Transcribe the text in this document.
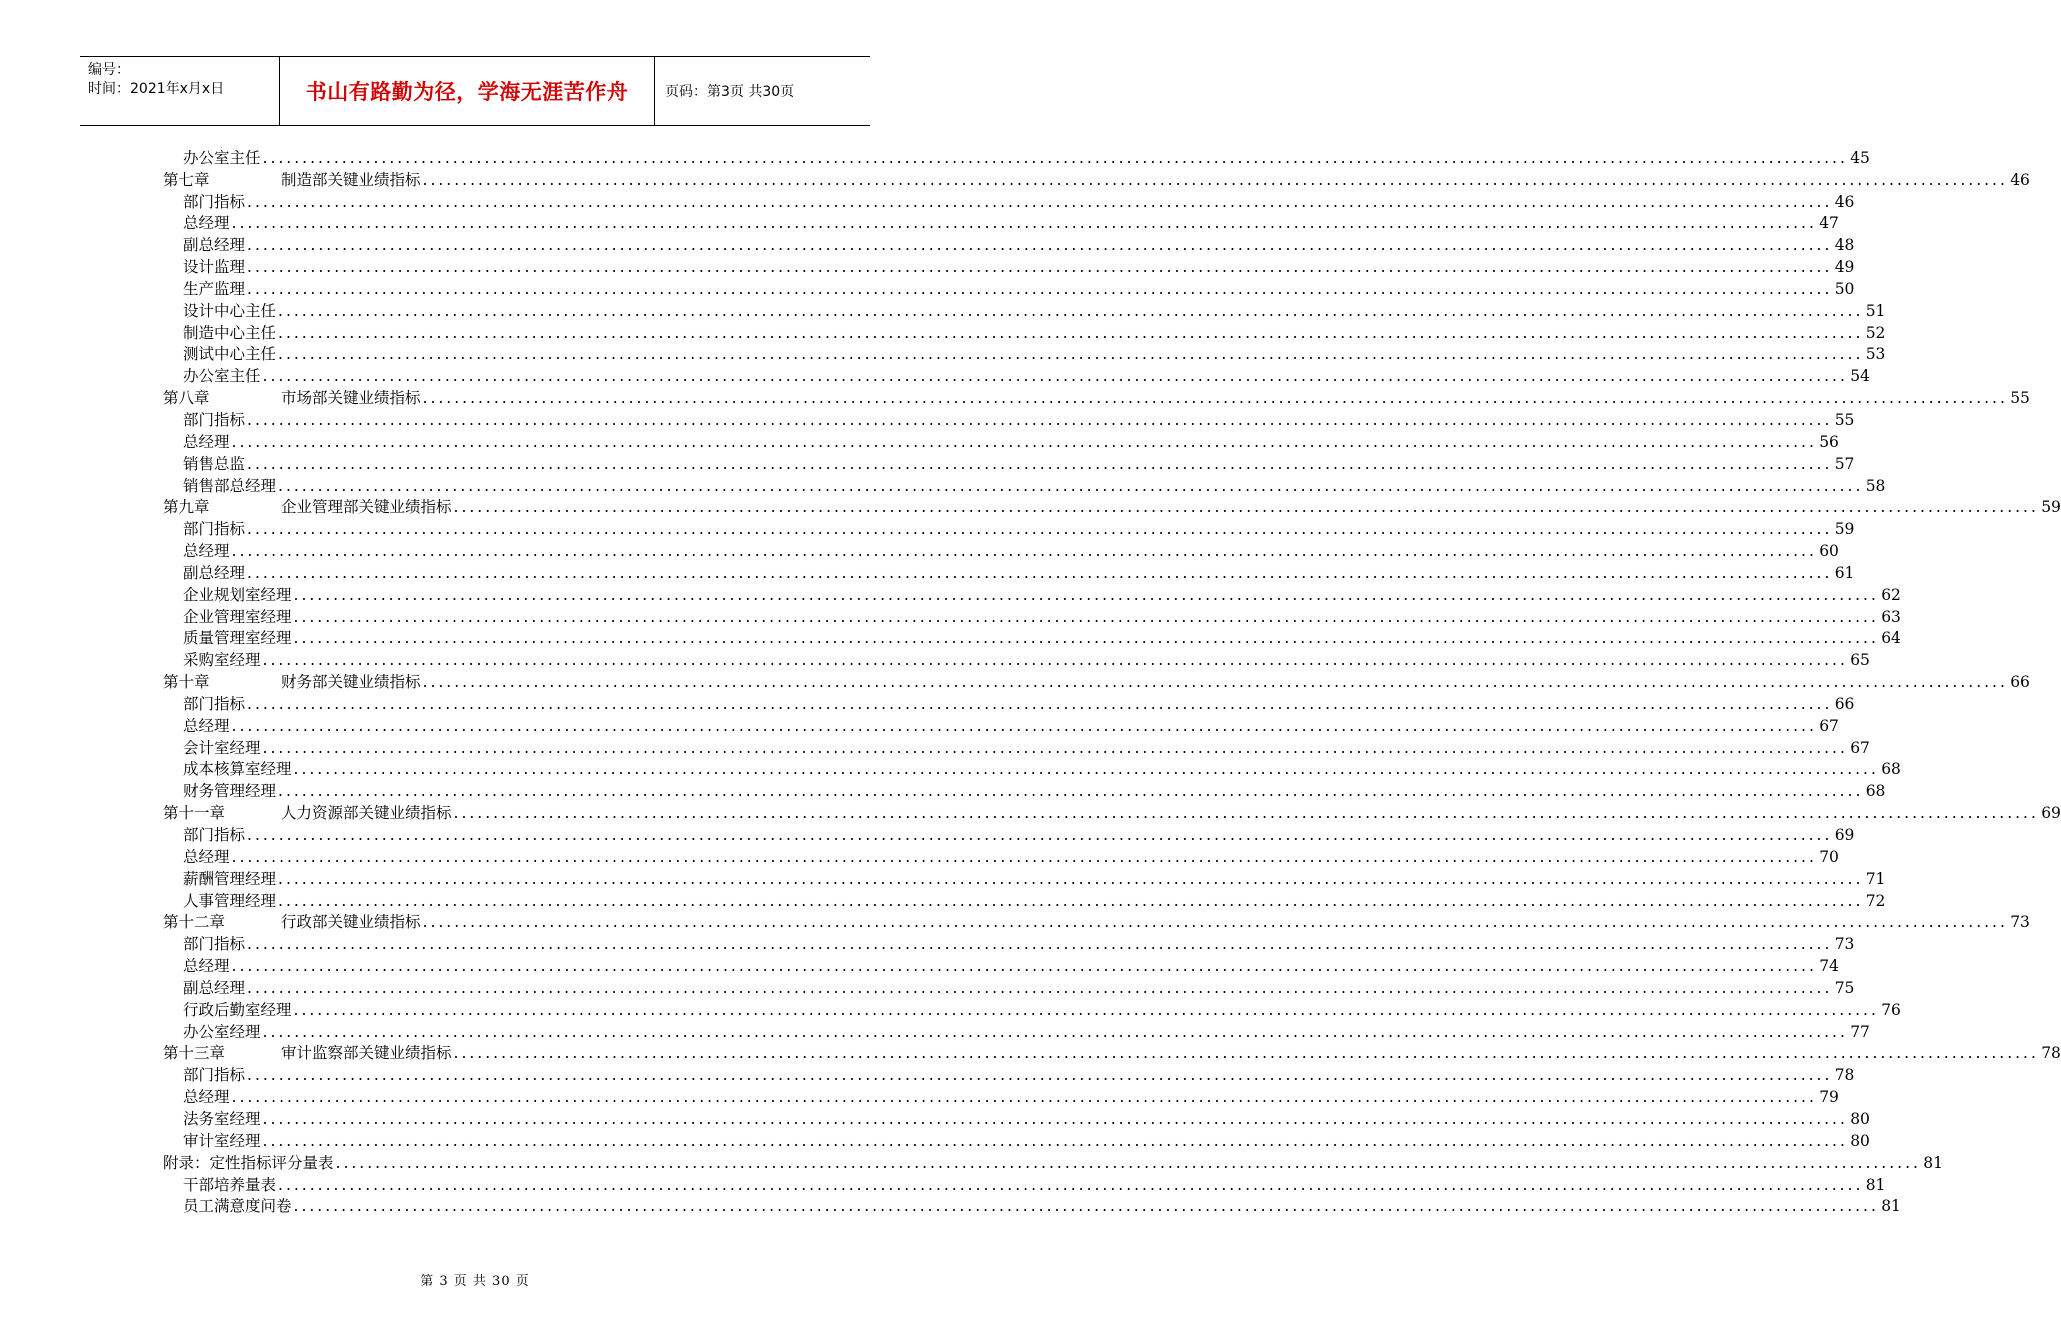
编号：
时间：2021年x月x日	书山有路勤为径，学海无涯苦作舟	页码：第3页 共30页
办公室主任 ........................................................................................................................................................................................................ 45
第七章	制造部关键业绩指标 ........................................................................................................................................................................................................ 46
部门指标 ........................................................................................................................................................................................................ 46
总经理 ........................................................................................................................................................................................................ 47
副总经理 ........................................................................................................................................................................................................ 48
设计监理 ........................................................................................................................................................................................................ 49
生产监理 ........................................................................................................................................................................................................ 50
设计中心主任 ........................................................................................................................................................................................................ 51
制造中心主任 ........................................................................................................................................................................................................ 52
测试中心主任 ........................................................................................................................................................................................................ 53
办公室主任 ........................................................................................................................................................................................................ 54
第八章	市场部关键业绩指标 ........................................................................................................................................................................................................ 55
部门指标 ........................................................................................................................................................................................................ 55
总经理 ........................................................................................................................................................................................................ 56
销售总监 ........................................................................................................................................................................................................ 57
销售部总经理 ........................................................................................................................................................................................................ 58
第九章	企业管理部关键业绩指标 ........................................................................................................................................................................................................ 59
部门指标 ........................................................................................................................................................................................................ 59
总经理 ........................................................................................................................................................................................................ 60
副总经理 ........................................................................................................................................................................................................ 61
企业规划室经理 ........................................................................................................................................................................................................ 62
企业管理室经理 ........................................................................................................................................................................................................ 63
质量管理室经理 ........................................................................................................................................................................................................ 64
采购室经理 ........................................................................................................................................................................................................ 65
第十章	财务部关键业绩指标 ........................................................................................................................................................................................................ 66
部门指标 ........................................................................................................................................................................................................ 66
总经理 ........................................................................................................................................................................................................ 67
会计室经理 ........................................................................................................................................................................................................ 67
成本核算室经理 ........................................................................................................................................................................................................ 68
财务管理经理 ........................................................................................................................................................................................................ 68
第十一章	人力资源部关键业绩指标 ........................................................................................................................................................................................................ 69
部门指标 ........................................................................................................................................................................................................ 69
总经理 ........................................................................................................................................................................................................ 70
薪酬管理经理 ........................................................................................................................................................................................................ 71
人事管理经理 ........................................................................................................................................................................................................ 72
第十二章	行政部关键业绩指标 ........................................................................................................................................................................................................ 73
部门指标 ........................................................................................................................................................................................................ 73
总经理 ........................................................................................................................................................................................................ 74
副总经理 ........................................................................................................................................................................................................ 75
行政后勤室经理 ........................................................................................................................................................................................................ 76
办公室经理 ........................................................................................................................................................................................................ 77
第十三章	审计监察部关键业绩指标 ........................................................................................................................................................................................................ 78
部门指标 ........................................................................................................................................................................................................ 78
总经理 ........................................................................................................................................................................................................ 79
法务室经理 ........................................................................................................................................................................................................ 80
审计室经理 ........................................................................................................................................................................................................ 80
附录：定性指标评分量表 ........................................................................................................................................................................................................ 81
干部培养量表 ........................................................................................................................................................................................................ 81
员工满意度问卷 ........................................................................................................................................................................................................ 81
第 3 页 共 30 页
